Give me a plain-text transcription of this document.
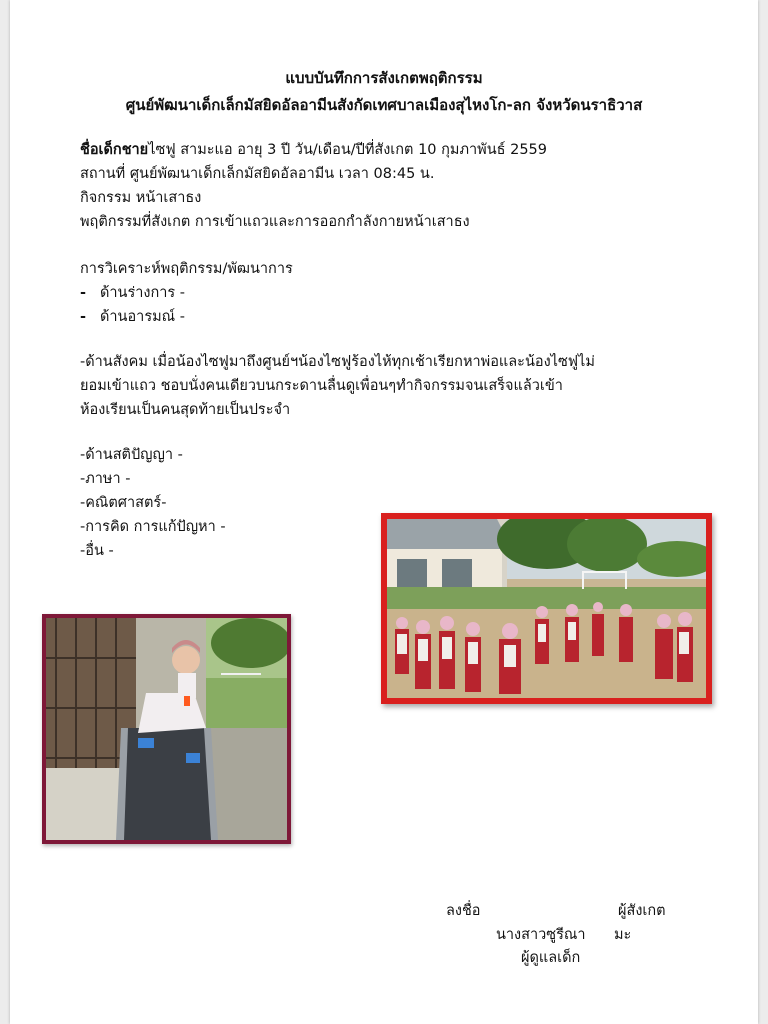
แบบบันทึกการสังเกตพฤติกรรม
ศูนย์พัฒนาเด็กเล็กมัสยิดอัลอามีนสังกัดเทศบาลเมืองสุไหงโก-ลก จังหวัดนราธิวาส
ชื่อเด็กชายไซฟู สามะแอ อายุ 3 ปี วัน/เดือน/ปีที่สังเกต 10 กุมภาพันธ์ 2559
สถานที่ ศูนย์พัฒนาเด็กเล็กมัสยิดอัลอามีน เวลา 08:45 น.
กิจกรรม หน้าเสาธง
พฤติกรรมที่สังเกต การเข้าแถวและการออกกำลังกายหน้าเสาธง
การวิเคราะห์พฤติกรรม/พัฒนาการ
- ด้านร่างการ -
- ด้านอารมณ์ -
-ด้านสังคม เมื่อน้องไซฟูมาถึงศูนย์ฯน้องไซฟูร้องไห้ทุกเช้าเรียกหาพ่อและน้องไซฟูไม่
ยอมเข้าแถว ชอบนั่งคนเดียวบนกระดานลื่นดูเพื่อนๆทำกิจกรรมจนเสร็จแล้วเข้า
ห้องเรียนเป็นคนสุดท้ายเป็นประจำ
-ด้านสติปัญญา -
-ภาษา -
-คณิตศาสตร์-
-การคิด การแก้ปัญหา -
-อื่น -
ลงชื่อ	ผู้สังเกต
นางสาวซูรีณา มะ
ผู้ดูแลเด็ก
